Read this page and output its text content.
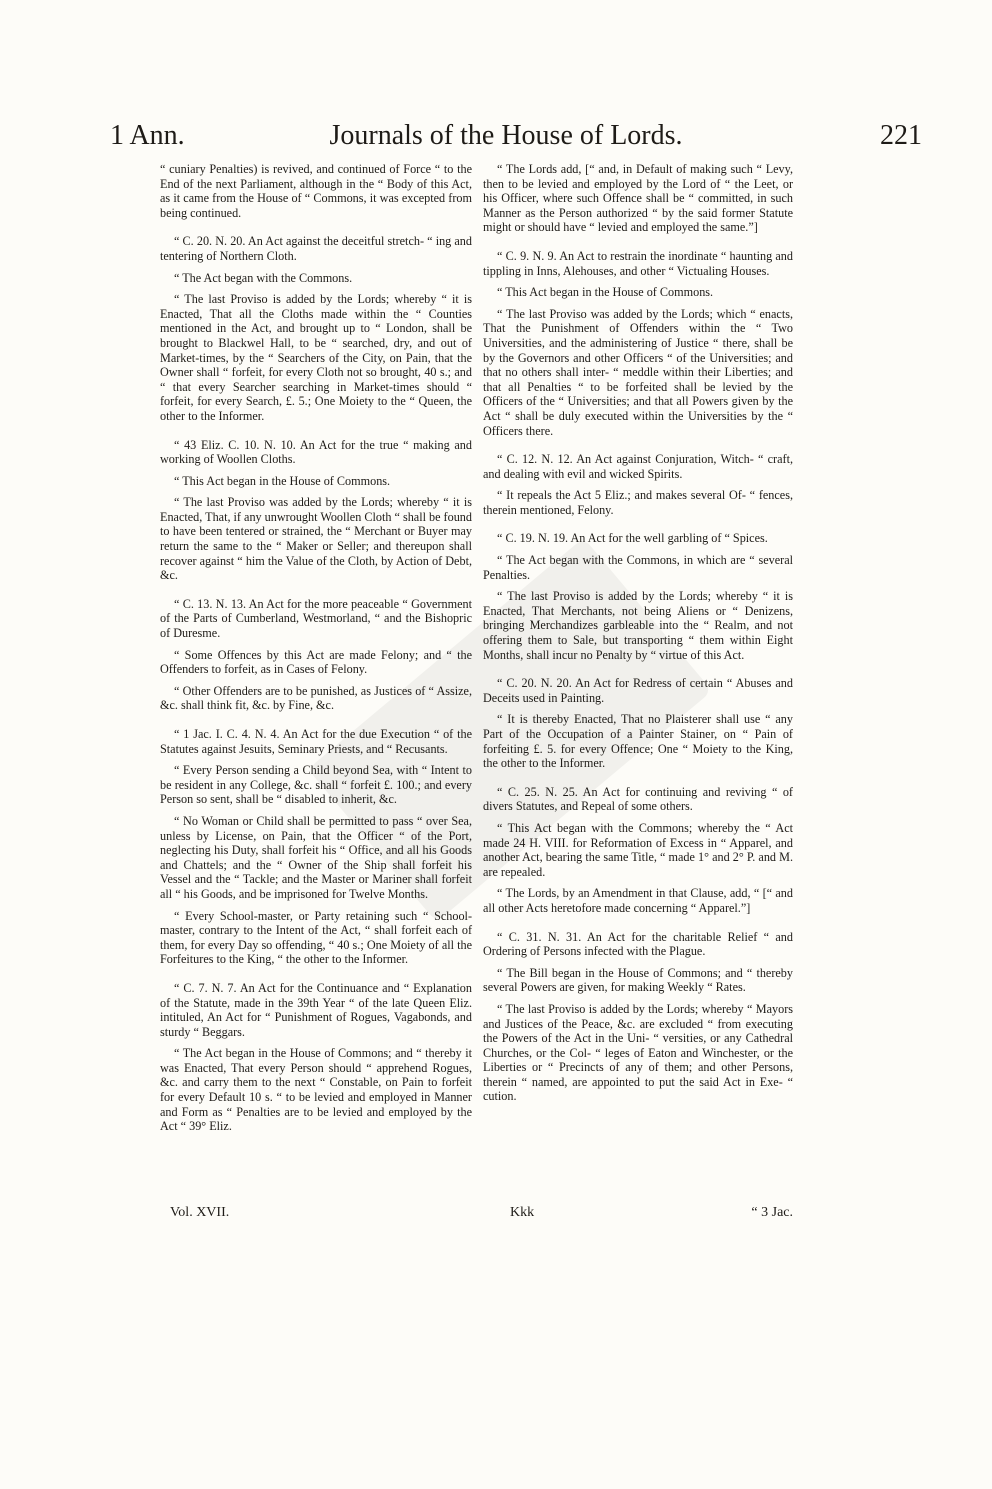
1 Ann.	Journals of the House of Lords.	221

“ cuniary Penalties) is revived, and continued of Force “ to the End of the next Parliament, although in the “ Body of this Act, as it came from the House of “ Commons, it was excepted from being continued.

“ C. 20. N. 20. An Act against the deceitful stretch- “ ing and tentering of Northern Cloth.

“ The Act began with the Commons.

“ The last Proviso is added by the Lords; whereby “ it is Enacted, That all the Cloths made within the “ Counties mentioned in the Act, and brought up to “ London, shall be brought to Blackwel Hall, to be “ searched, dry, and out of Market-times, by the “ Searchers of the City, on Pain, that the Owner shall “ forfeit, for every Cloth not so brought, 40 s.; and “ that every Searcher searching in Market-times should “ forfeit, for every Search, £. 5.; One Moiety to the “ Queen, the other to the Informer.

“ 43 Eliz. C. 10. N. 10. An Act for the true “ making and working of Woollen Cloths.

“ This Act began in the House of Commons.

“ The last Proviso was added by the Lords; whereby “ it is Enacted, That, if any unwrought Woollen Cloth “ shall be found to have been tentered or strained, the “ Merchant or Buyer may return the same to the “ Maker or Seller; and thereupon shall recover against “ him the Value of the Cloth, by Action of Debt, &c.

“ C. 13. N. 13. An Act for the more peaceable “ Government of the Parts of Cumberland, Westmorland, “ and the Bishopric of Duresme.

“ Some Offences by this Act are made Felony; and “ the Offenders to forfeit, as in Cases of Felony.

“ Other Offenders are to be punished, as Justices of “ Assize, &c. shall think fit, &c. by Fine, &c.

“ 1 Jac. I. C. 4. N. 4. An Act for the due Execution “ of the Statutes against Jesuits, Seminary Priests, and “ Recusants.

“ Every Person sending a Child beyond Sea, with “ Intent to be resident in any College, &c. shall “ forfeit £. 100.; and every Person so sent, shall be “ disabled to inherit, &c.

“ No Woman or Child shall be permitted to pass “ over Sea, unless by License, on Pain, that the Officer “ of the Port, neglecting his Duty, shall forfeit his “ Office, and all his Goods and Chattels; and the “ Owner of the Ship shall forfeit his Vessel and the “ Tackle; and the Master or Mariner shall forfeit all “ his Goods, and be imprisoned for Twelve Months.

“ Every School-master, or Party retaining such “ School-master, contrary to the Intent of the Act, “ shall forfeit each of them, for every Day so offending, “ 40 s.; One Moiety of all the Forfeitures to the King, “ the other to the Informer.

“ C. 7. N. 7. An Act for the Continuance and “ Explanation of the Statute, made in the 39th Year “ of the late Queen Eliz. intituled, An Act for “ Punishment of Rogues, Vagabonds, and sturdy “ Beggars.

“ The Act began in the House of Commons; and “ thereby it was Enacted, That every Person should “ apprehend Rogues, &c. and carry them to the next “ Constable, on Pain to forfeit for every Default 10 s. “ to be levied and employed in Manner and Form as “ Penalties are to be levied and employed by the Act “ 39° Eliz.

“ The Lords add, [“ and, in Default of making such “ Levy, then to be levied and employed by the Lord of “ the Leet, or his Officer, where such Offence shall be “ committed, in such Manner as the Person authorized “ by the said former Statute might or should have “ levied and employed the same.”]

“ C. 9. N. 9. An Act to restrain the inordinate “ haunting and tippling in Inns, Alehouses, and other “ Victualing Houses.

“ This Act began in the House of Commons.

“ The last Proviso was added by the Lords; which “ enacts, That the Punishment of Offenders within the “ Two Universities, and the administering of Justice “ there, shall be by the Governors and other Officers “ of the Universities; and that no others shall inter- “ meddle within their Liberties; and that all Penalties “ to be forfeited shall be levied by the Officers of the “ Universities; and that all Powers given by the Act “ shall be duly executed within the Universities by the “ Officers there.

“ C. 12. N. 12. An Act against Conjuration, Witch- “ craft, and dealing with evil and wicked Spirits.

“ It repeals the Act 5 Eliz.; and makes several Of- “ fences, therein mentioned, Felony.

“ C. 19. N. 19. An Act for the well garbling of “ Spices.

“ The Act began with the Commons, in which are “ several Penalties.

“ The last Proviso is added by the Lords; whereby “ it is Enacted, That Merchants, not being Aliens or “ Denizens, bringing Merchandizes garbleable into the “ Realm, and not offering them to Sale, but transporting “ them within Eight Months, shall incur no Penalty by “ virtue of this Act.

“ C. 20. N. 20. An Act for Redress of certain “ Abuses and Deceits used in Painting.

“ It is thereby Enacted, That no Plaisterer shall use “ any Part of the Occupation of a Painter Stainer, on “ Pain of forfeiting £. 5. for every Offence; One “ Moiety to the King, the other to the Informer.

“ C. 25. N. 25. An Act for continuing and reviving “ of divers Statutes, and Repeal of some others.

“ This Act began with the Commons; whereby the “ Act made 24 H. VIII. for Reformation of Excess in “ Apparel, and another Act, bearing the same Title, “ made 1° and 2° P. and M. are repealed.

“ The Lords, by an Amendment in that Clause, add, “ [“ and all other Acts heretofore made concerning “ Apparel.”]

“ C. 31. N. 31. An Act for the charitable Relief “ and Ordering of Persons infected with the Plague.

“ The Bill began in the House of Commons; and “ thereby several Powers are given, for making Weekly “ Rates.

“ The last Proviso is added by the Lords; whereby “ Mayors and Justices of the Peace, &c. are excluded “ from executing the Powers of the Act in the Uni- “ versities, or any Cathedral Churches, or the Col- “ leges of Eaton and Winchester, or the Liberties or “ Precincts of any of them; and other Persons, therein “ named, are appointed to put the said Act in Exe- “ cution.

Vol. XVII.	Kkk	“ 3 Jac.
